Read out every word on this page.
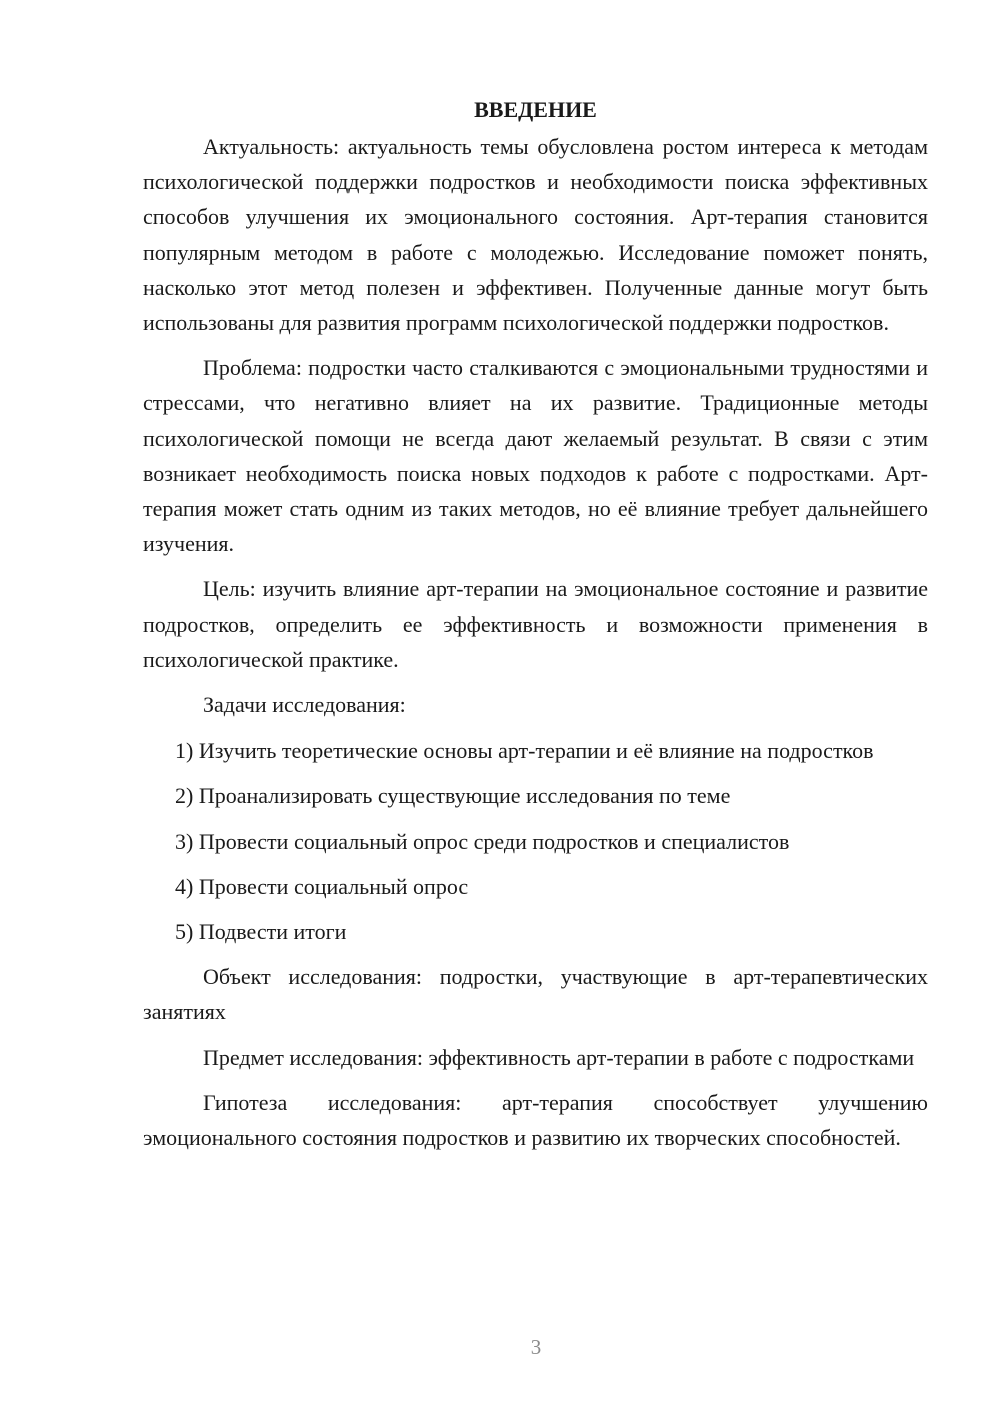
ВВЕДЕНИЕ

Актуальность: актуальность темы обусловлена ростом интереса к методам психологической поддержки подростков и необходимости поиска эффективных способов улучшения их эмоционального состояния. Арт-терапия становится популярным методом в работе с молодежью. Исследование поможет понять, насколько этот метод полезен и эффективен. Полученные данные могут быть использованы для развития программ психологической поддержки подростков.

Проблема: подростки часто сталкиваются с эмоциональными трудностями и стрессами, что негативно влияет на их развитие. Традиционные методы психологической помощи не всегда дают желаемый результат. В связи с этим возникает необходимость поиска новых подходов к работе с подростками. Арт-терапия может стать одним из таких методов, но её влияние требует дальнейшего изучения.

Цель: изучить влияние арт-терапии на эмоциональное состояние и развитие подростков, определить ее эффективность и возможности применения в психологической практике.

Задачи исследования:

1) Изучить теоретические основы арт-терапии и её влияние на подростков

2) Проанализировать существующие исследования по теме

3) Провести социальный опрос среди подростков и специалистов

4) Провести социальный опрос

5) Подвести итоги

Объект исследования: подростки, участвующие в арт-терапевтических занятиях

Предмет исследования: эффективность арт-терапии в работе с подростками

Гипотеза исследования: арт-терапия способствует улучшению эмоционального состояния подростков и развитию их творческих способностей.

3
